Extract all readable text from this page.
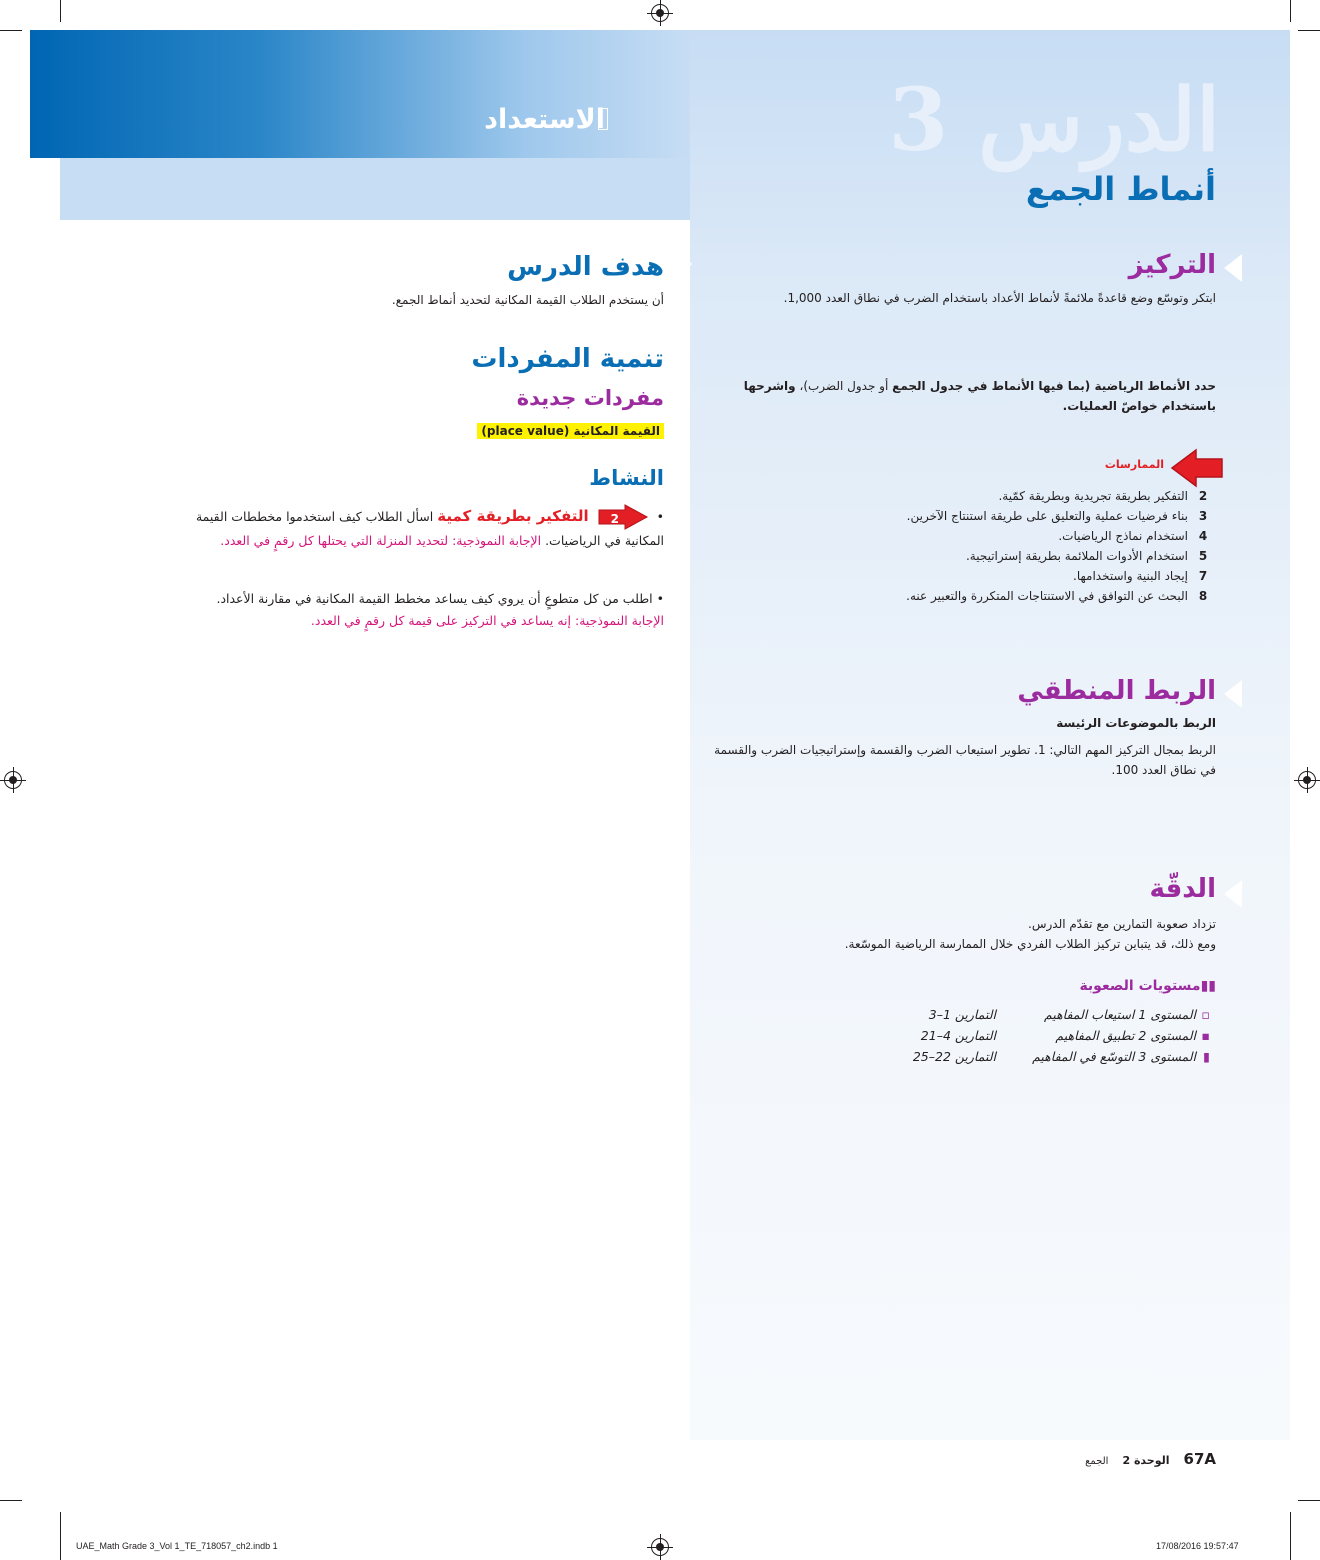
الدرس 3
أنماط الجمع
الاستعداد
التركيز
ابتكر وتوسّع وضع قاعدةً ملائمةً لأنماط الأعداد باستخدام الضرب في نطاق العدد 1,000.
حدد الأنماط الرياضية (بما فيها الأنماط في جدول الجمع أو جدول الضرب)، واشرحها باستخدام خواصّ العمليات.
الممارسات
2
التفكير بطريقة تجريدية وبطريقة كمّية.
3
بناء فرضيات عملية والتعليق على طريقة استنتاج الآخرين.
4
استخدام نماذج الرياضيات.
5
استخدام الأدوات الملائمة بطريقة إستراتيجية.
7
إيجاد البنية واستخدامها.
8
البحث عن التوافق في الاستنتاجات المتكررة والتعبير عنه.
الربط المنطقي
الربط بالموضوعات الرئيسة
الربط بمجال التركيز المهم التالي: 1. تطوير استيعاب الضرب والقسمة وإستراتيجيات الضرب والقسمة
في نطاق العدد 100.
الدقّة
تزداد صعوبة التمارين مع تقدّم الدرس.
ومع ذلك، قد يتباين تركيز الطلاب الفردي خلال الممارسة الرياضية الموسّعة.
▮▮مستويات الصعوبة
▫
المستوى 1 استيعاب المفاهيم
التمارين 1–3
▪
المستوى 2 تطبيق المفاهيم
التمارين 4–21
▮
المستوى 3 التوسّع في المفاهيم
التمارين 22–25
هدف الدرس
أن يستخدم الطلاب القيمة المكانية لتحديد أنماط الجمع.
تنمية المفردات
مفردات جديدة
القيمة المكانية (place value)
النشاط
•
2
التفكير بطريقة كمية اسأل الطلاب كيف استخدموا مخططات القيمة المكانية في الرياضيات. الإجابة النموذجية: لتحديد المنزلة التي يحتلها كل رقمٍ في العدد.
• اطلب من كل متطوعٍ أن يروي كيف يساعد مخطط القيمة المكانية في مقارنة الأعداد. الإجابة النموذجية: إنه يساعد في التركيز على قيمة كل رقمٍ في العدد.
67A
الوحدة 2
الجمع
UAE_Math Grade 3_Vol 1_TE_718057_ch2.indb 1	17/08/2016 19:57:47
